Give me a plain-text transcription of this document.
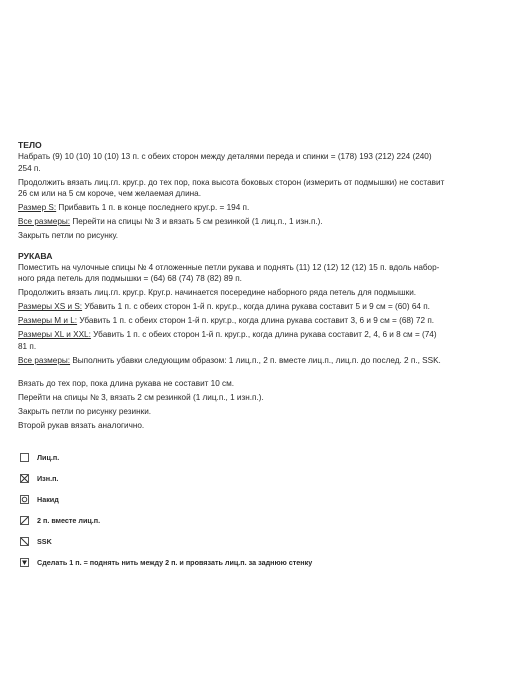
ТЕЛО

Набрать (9) 10 (10) 10 (10) 13 п. с обеих сторон между деталями переда и спинки = (178) 193 (212) 224 (240)
254 п.

Продолжить вязать лиц.гл. круг.р. до тех пор, пока высота боковых сторон (измерить от подмышки) не составит
26 см или на 5 см короче, чем желаемая длина.

Размер S: Прибавить 1 п. в конце последнего круг.р. = 194 п.

Все размеры: Перейти на спицы № 3 и вязать 5 см резинкой (1 лиц.п., 1 изн.п.).

Закрыть петли по рисунку.

РУКАВА

Поместить на чулочные спицы № 4 отложенные петли рукава и поднять (11) 12 (12) 12 (12) 15 п. вдоль набор-
ного ряда петель для подмышки = (64) 68 (74) 78 (82) 89 п.

Продолжить вязать лиц.гл. круг.р. Круг.р. начинается посередине наборного ряда петель для подмышки.

Размеры XS и S: Убавить 1 п. с обеих сторон 1-й п. круг.р., когда длина рукава составит 5 и 9 см = (60) 64 п.

Размеры M и L: Убавить 1 п. с обеих сторон 1-й п. круг.р., когда длина рукава составит 3, 6 и 9 см = (68) 72 п.

Размеры XL и XXL: Убавить 1 п. с обеих сторон 1-й п. круг.р., когда длина рукава составит 2, 4, 6 и 8 см = (74)
81 п.

Все размеры: Выполнить убавки следующим образом: 1 лиц.п., 2 п. вместе лиц.п., лиц.п. до послед. 2 п., SSK.

Вязать до тех пор, пока длина рукава не составит 10 см.

Перейти на спицы № 3, вязать 2 см резинкой (1 лиц.п., 1 изн.п.).

Закрыть петли по рисунку резинки.

Второй рукав вязать аналогично.

Лиц.п.
Изн.п.
Накид
2 п. вместе лиц.п.
SSK
Сделать 1 п. = поднять нить между 2 п. и провязать лиц.п. за заднюю стенку
